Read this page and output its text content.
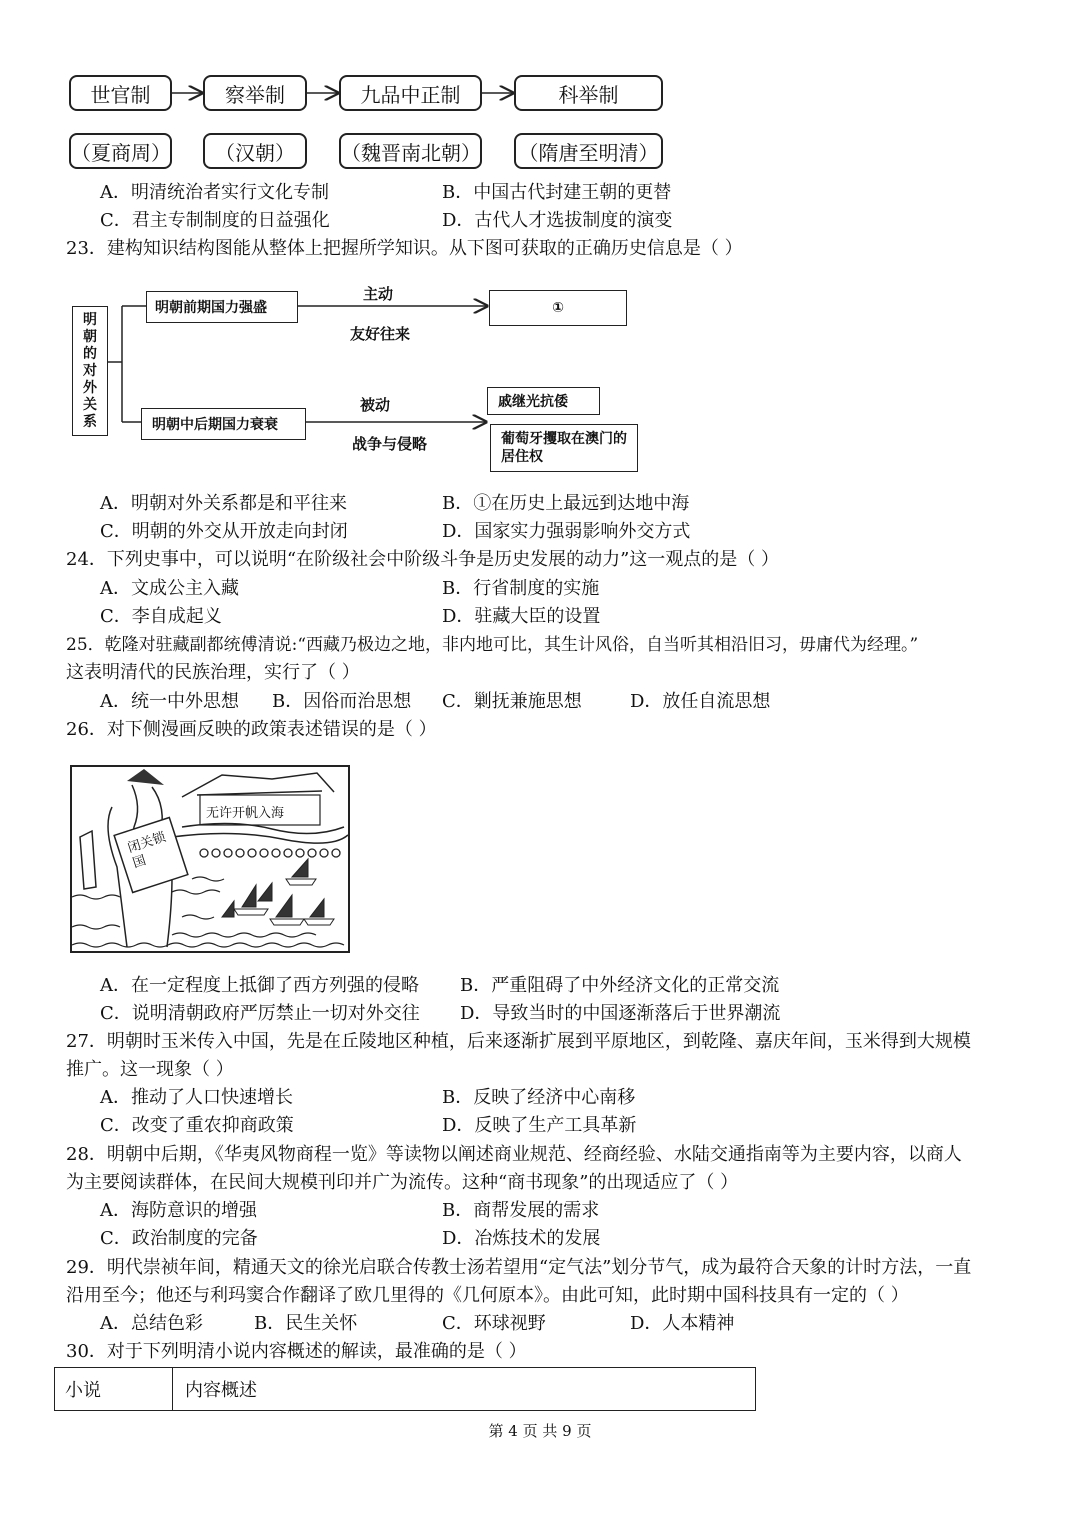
世官制	察举制	九品中正制	科举制
（夏商周）	（汉朝）	（魏晋南北朝） （隋唐至明清）
A．明清统治者实行文化专制	B．中国古代封建王朝的更替
C．君主专制制度的日益强化	D．古代人才选拔制度的演变
23．建构知识结构图能从整体上把握所学知识。从下图可获取的正确历史信息是（ ）
明朝的对外关系
明朝前期国力强盛
主动
友好往来
①
明朝中后期国力衰衰
被动
战争与侵略
戚继光抗倭
葡萄牙攫取在澳门的居住权
A．明朝对外关系都是和平往来	B．①在历史上最远到达地中海
C．明朝的外交从开放走向封闭	D．国家实力强弱影响外交方式
24．下列史事中，可以说明“在阶级社会中阶级斗争是历史发展的动力”这一观点的是（ ）
A．文成公主入藏	B．行省制度的实施
C．李自成起义	D．驻藏大臣的设置
25．乾隆对驻藏副都统傅清说:“西藏乃极边之地，非内地可比，其生计风俗，自当听其相沿旧习，毋庸代为经理。”
这表明清代的民族治理，实行了（ ）
A．统一中外思想 B．因俗而治思想 C．剿抚兼施思想	D．放任自流思想
26．对下侧漫画反映的政策表述错误的是（ ）
无许开帆入海
闭关锁国
A．在一定程度上抵御了西方列强的侵略 B．严重阻碍了中外经济文化的正常交流
C．说明清朝政府严厉禁止一切对外交往 D．导致当时的中国逐渐落后于世界潮流
27．明朝时玉米传入中国，先是在丘陵地区种植，后来逐渐扩展到平原地区，到乾隆、嘉庆年间，玉米得到大规模
推广。这一现象（ ）
A．推动了人口快速增长	B．反映了经济中心南移
C．改变了重农抑商政策	D．反映了生产工具革新
28．明朝中后期，《华夷风物商程一览》等读物以阐述商业规范、经商经验、水陆交通指南等为主要内容，以商人
为主要阅读群体，在民间大规模刊印并广为流传。这种“商书现象”的出现适应了（ ）
A．海防意识的增强	B．商帮发展的需求
C．政治制度的完备	D．冶炼技术的发展
29．明代崇祯年间，精通天文的徐光启联合传教士汤若望用“定气法”划分节气，成为最符合天象的计时方法，一直
沿用至今；他还与利玛窦合作翻译了欧几里得的《几何原本》。由此可知，此时期中国科技具有一定的（ ）
A．总结色彩	B．民生关怀	C．环球视野	D．人本精神
30．对于下列明清小说内容概述的解读，最准确的是（ ）
小说	内容概述
第 4 页 共 9 页
